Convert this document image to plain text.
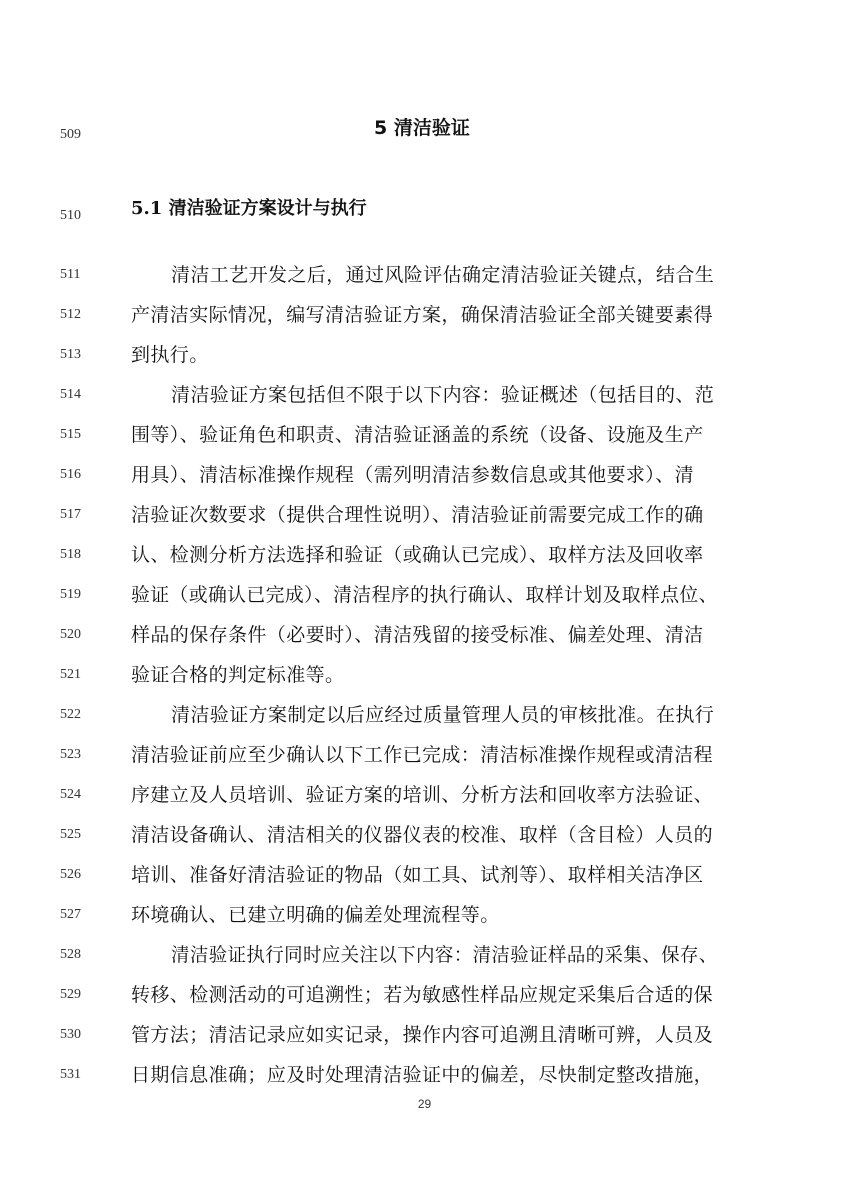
509	5 清洁验证
510	5.1 清洁验证方案设计与执行
511	清洁工艺开发之后，通过风险评估确定清洁验证关键点，结合生
512	产清洁实际情况，编写清洁验证方案，确保清洁验证全部关键要素得
513	到执行。
514	清洁验证方案包括但不限于以下内容：验证概述（包括目的、范
515	围等）、验证角色和职责、清洁验证涵盖的系统（设备、设施及生产
516	用具）、清洁标准操作规程（需列明清洁参数信息或其他要求）、清
517	洁验证次数要求（提供合理性说明）、清洁验证前需要完成工作的确
518	认、检测分析方法选择和验证（或确认已完成）、取样方法及回收率
519	验证（或确认已完成）、清洁程序的执行确认、取样计划及取样点位、
520	样品的保存条件（必要时）、清洁残留的接受标准、偏差处理、清洁
521	验证合格的判定标准等。
522	清洁验证方案制定以后应经过质量管理人员的审核批准。在执行
523	清洁验证前应至少确认以下工作已完成：清洁标准操作规程或清洁程
524	序建立及人员培训、验证方案的培训、分析方法和回收率方法验证、
525	清洁设备确认、清洁相关的仪器仪表的校准、取样（含目检）人员的
526	培训、准备好清洁验证的物品（如工具、试剂等）、取样相关洁净区
527	环境确认、已建立明确的偏差处理流程等。
528	清洁验证执行同时应关注以下内容：清洁验证样品的采集、保存、
529	转移、检测活动的可追溯性；若为敏感性样品应规定采集后合适的保
530	管方法；清洁记录应如实记录，操作内容可追溯且清晰可辨，人员及
531	日期信息准确；应及时处理清洁验证中的偏差，尽快制定整改措施，
29
